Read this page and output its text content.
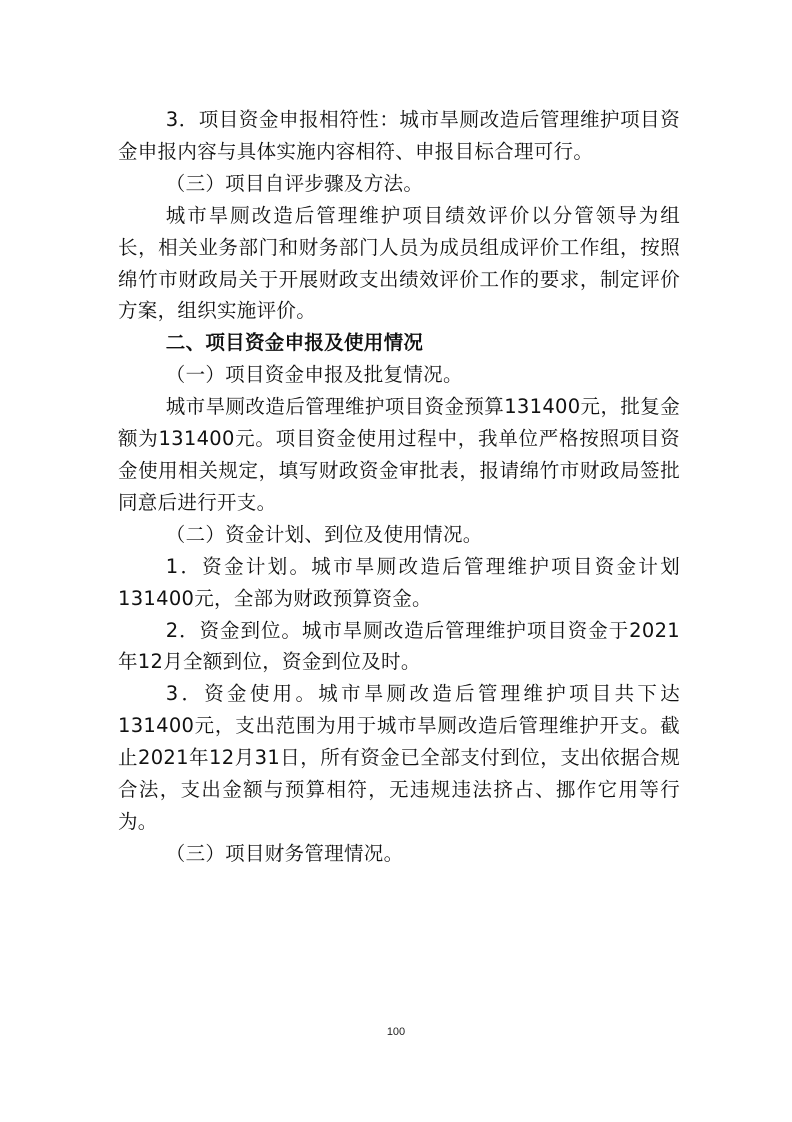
3．项目资金申报相符性：城市旱厕改造后管理维护项目资金申报内容与具体实施内容相符、申报目标合理可行。

（三）项目自评步骤及方法。

城市旱厕改造后管理维护项目绩效评价以分管领导为组长，相关业务部门和财务部门人员为成员组成评价工作组，按照绵竹市财政局关于开展财政支出绩效评价工作的要求，制定评价方案，组织实施评价。

二、项目资金申报及使用情况

（一）项目资金申报及批复情况。

城市旱厕改造后管理维护项目资金预算131400元，批复金额为131400元。项目资金使用过程中，我单位严格按照项目资金使用相关规定，填写财政资金审批表，报请绵竹市财政局签批同意后进行开支。

（二）资金计划、到位及使用情况。

1．资金计划。城市旱厕改造后管理维护项目资金计划131400元，全部为财政预算资金。

2．资金到位。城市旱厕改造后管理维护项目资金于2021年12月全额到位，资金到位及时。

3．资金使用。城市旱厕改造后管理维护项目共下达131400元，支出范围为用于城市旱厕改造后管理维护开支。截止2021年12月31日，所有资金已全部支付到位，支出依据合规合法，支出金额与预算相符，无违规违法挤占、挪作它用等行为。

（三）项目财务管理情况。

100
